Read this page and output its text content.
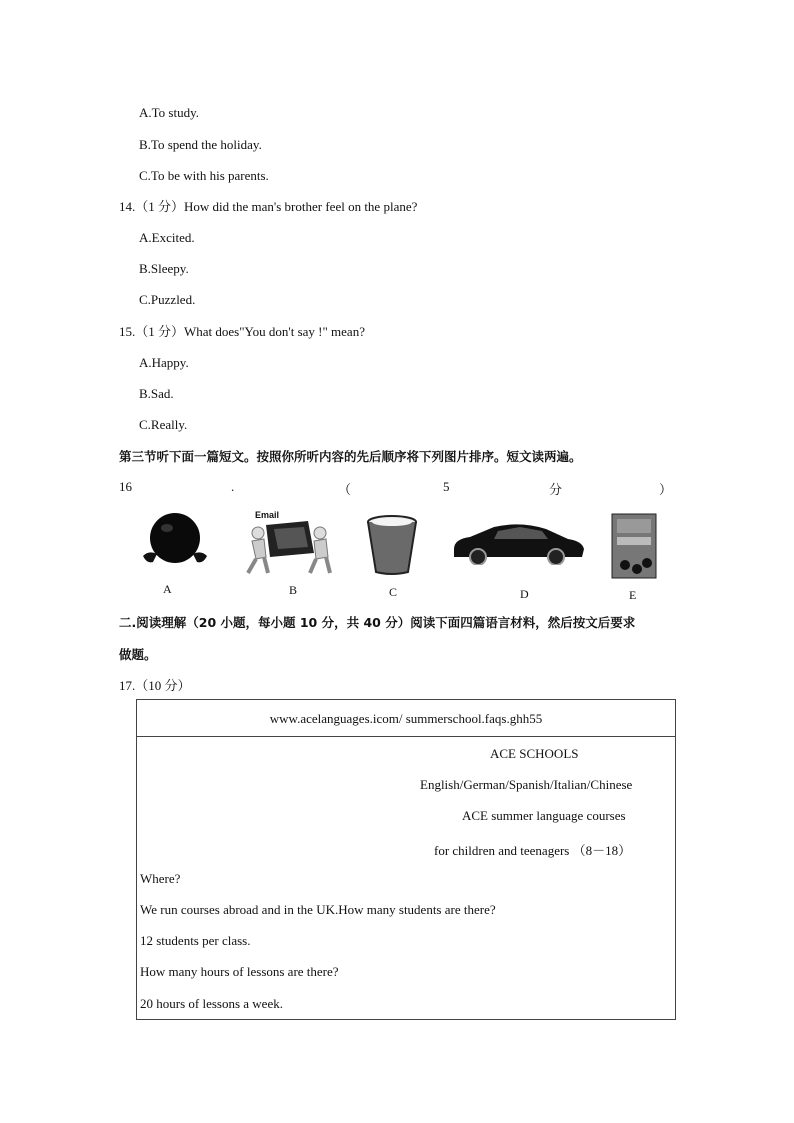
A.To study.
B.To spend the holiday.
C.To be with his parents.
14.（1 分）How did the man's brother feel on the plane?
A.Excited.
B.Sleepy.
C.Puzzled.
15.（1 分）What does"You don't say !" mean?
A.Happy.
B.Sad.
C.Really.
第三节听下面一篇短文。按照你所听内容的先后顺序将下列图片排序。短文读两遍。
16	.	（	5	分	）
A
Email
B	C	D	E
二.阅读理解（20 小题，每小题 10 分，共 40 分）阅读下面四篇语言材料，然后按文后要求
做题。
17.（10 分）
www.acelanguages.icom/ summerschool.faqs.ghh55
ACE SCHOOLS
English/German/Spanish/Italian/Chinese
ACE summer language courses
for children and teenagers （8－18）
Where?
We run courses abroad and in the UK.How many students are there?
12 students per class.
How many hours of lessons are there?
20 hours of lessons a week.
